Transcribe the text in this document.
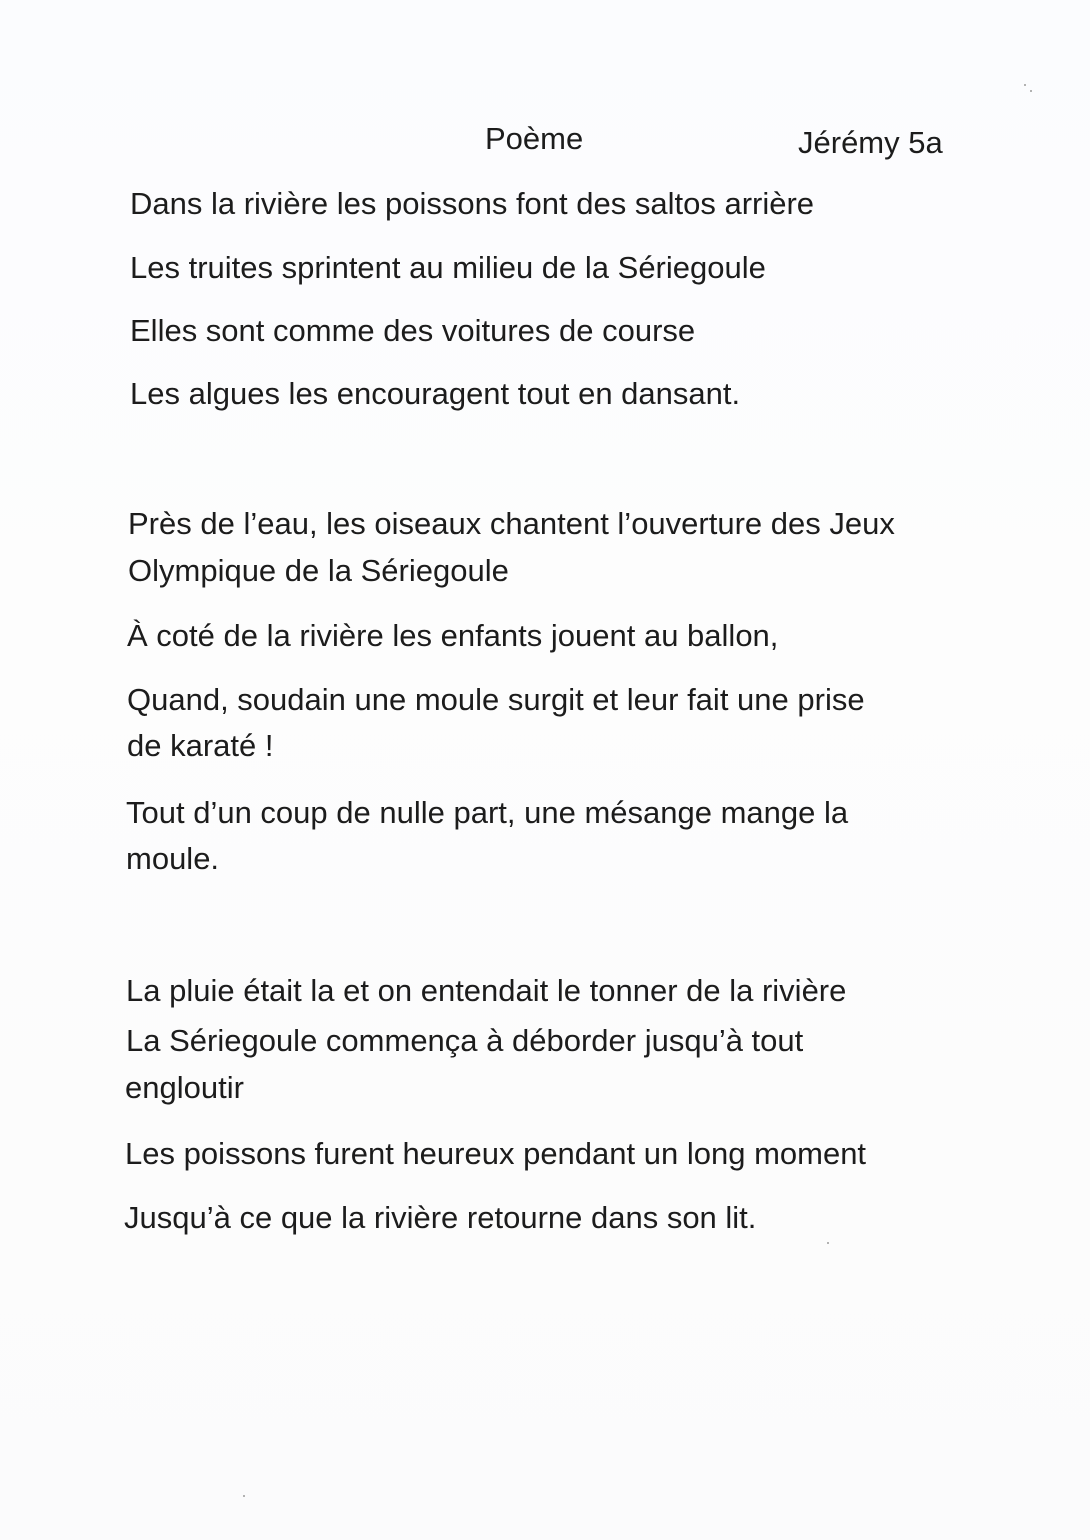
Poème	Jérémy 5a
Dans la rivière les poissons font des saltos arrière
Les truites sprintent au milieu de la Sériegoule
Elles sont comme des voitures de course
Les algues les encouragent tout en dansant.
Près de l’eau, les oiseaux chantent l’ouverture des Jeux
Olympique de la Sériegoule
À coté de la rivière les enfants jouent au ballon,
Quand, soudain une moule surgit et leur fait une prise
de karaté !
Tout d’un coup de nulle part, une mésange mange la
moule.
La pluie était la et on entendait le tonner de la rivière
La Sériegoule commença à déborder jusqu’à tout
engloutir
Les poissons furent heureux pendant un long moment
Jusqu’à ce que la rivière retourne dans son lit.
